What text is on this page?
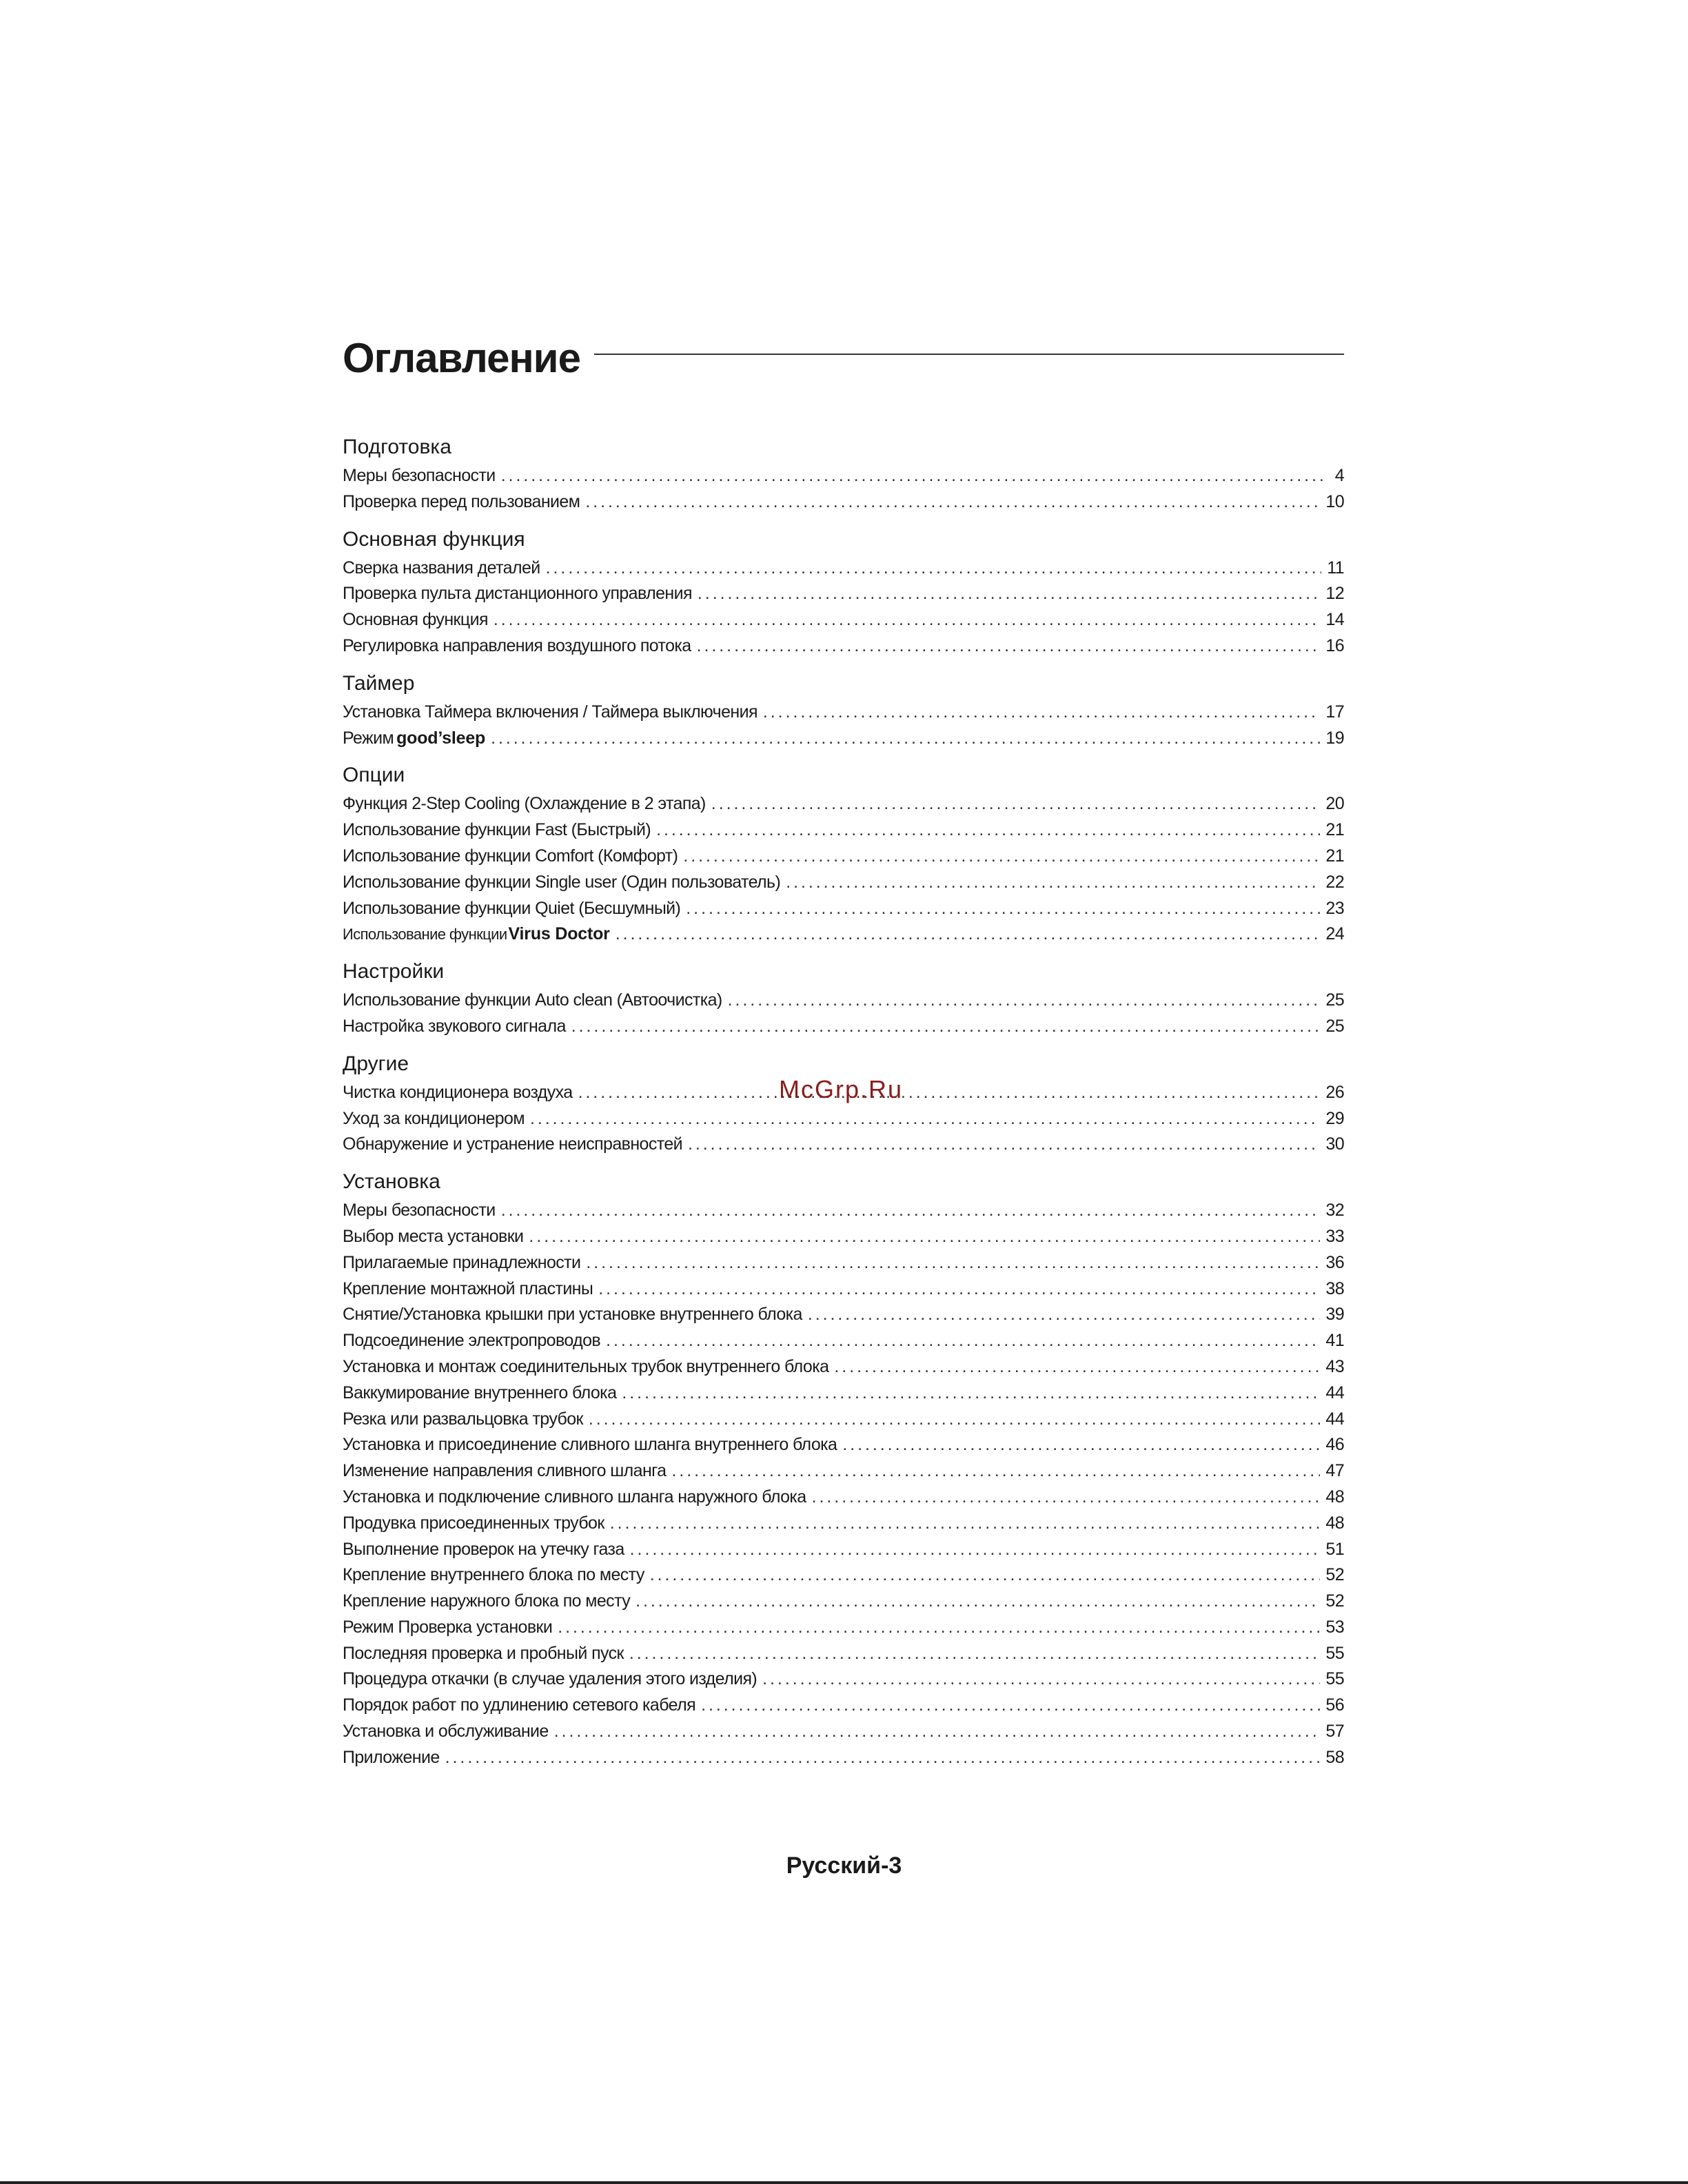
Оглавление
Подготовка
Меры безопасности . . .	4
Проверка перед пользованием . . .	10
Основная функция
Сверка названия деталей . . .	11
Проверка пульта дистанционного управления . . .	12
Основная функция . . .	14
Регулировка направления воздушного потока . . .	16
Таймер
Установка Таймера включения / Таймера выключения . . .	17
Режим good’sleep . . .	19
Опции
Функция 2-Step Cooling (Охлаждение в 2 этапа) . . .	20
Использование функции Fast (Быстрый) . . .	21
Использование функции Comfort (Комфорт) . . .	21
Использование функции Single user (Один пользователь) . . .	22
Использование функции Quiet (Бесшумный) . . .	23
Использование функции Virus Doctor . . .	24
Настройки
Использование функции Auto clean (Автоочистка) . . .	25
Настройка звукового сигнала . . .	25
Другие
Чистка кондиционера воздуха . . .	26
Уход за кондиционером . . .	29
Обнаружение и устранение неисправностей . . .	30
Установка
Меры безопасности . . .	32
Выбор места установки . . .	33
Прилагаемые принадлежности . . .	36
Крепление монтажной пластины . . .	38
Снятие/Установка крышки при установке внутреннего блока . . .	39
Подсоединение электропроводов . . .	41
Установка и монтаж соединительных трубок внутреннего блока . . .	43
Ваккумирование внутреннего блока . . .	44
Резка или развальцовка трубок . . .	44
Установка и присоединение сливного шланга внутреннего блока . . .	46
Изменение направления сливного шланга . . .	47
Установка и подключение сливного шланга наружного блока . . .	48
Продувка присоединенных трубок . . .	48
Выполнение проверок на утечку газа . . .	51
Крепление внутреннего блока по месту . . .	52
Крепление наружного блока по месту . . .	52
Режим Проверка установки . . .	53
Последняя проверка и пробный пуск . . .	55
Процедура откачки (в случае удаления этого изделия) . . .	55
Порядок работ по удлинению сетевого кабеля . . .	56
Установка и обслуживание . . .	57
Приложение . . .	58
McGrp.Ru
Русский-3
